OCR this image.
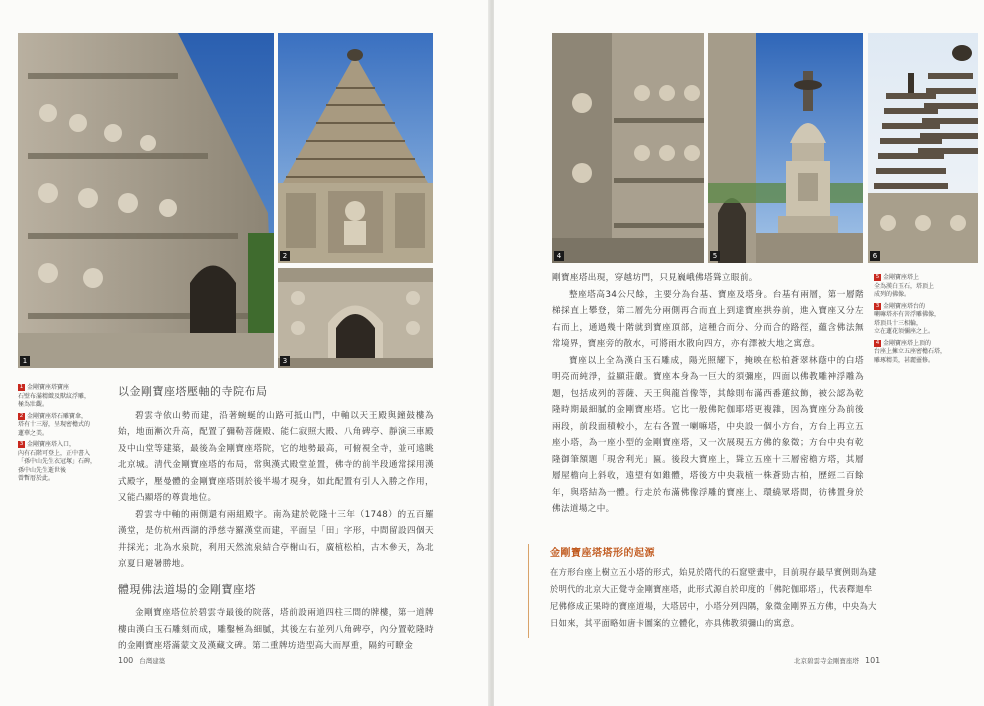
1
2
3
1 金剛寶座塔寶座
石壁布滿精緻及獸紋浮雕，
極為壯觀。
2 金剛寶座塔石雕寶傘，
塔有十三層，呈現密檐式的
蓮華之美。
3 金剛寶座塔入口，
內有石階可登上，正中書入
「孫中山先生衣冠塚」石碑，
孫中山先生逝世後
曾暫厝於此。
以金剛寶座塔壓軸的寺院布局

碧雲寺依山勢而建，沿著蜿蜒的山路可抵山門，中軸以天王殿與鐘鼓樓為始，地面漸次升高，配置了彌勒菩薩殿、能仁寂照大殿、八角碑亭、靜演三車殿及中山堂等建築，最後為金剛寶座塔院，它的地勢最高，可俯視全寺，並可遠眺北京城。清代金剛寶座塔的布局，常與漢式殿堂並置，佛寺的前半段通常採用漢式殿字，壓曼體的金剛寶座塔則於後半場才現身，如此配置有引人入勝之作用，又能凸顯塔的尊貴地位。

碧雲寺中軸的兩側還有兩組殿字。南為建於乾隆十三年（1748）的五百羅漢堂，是仿杭州西湖的淨慈寺羅漢堂而建，平面呈「田」字形，中間留設四個天井採光；北為水泉院，利用天然流泉結合亭榭山石，廣植松柏，古木參天，為北京夏日避暑勝地。

體現佛法道場的金剛寶座塔

金剛寶座塔位於碧雲寺最後的院落，塔前設兩道四柱三間的牌樓，第一道牌樓由漢白玉石雕刻而成，雕鑿極為細膩，其後左右並列八角碑亭，內分置乾隆時的金剛寶座塔滿蒙文及漢藏文碑。第二重牌坊造型高大而厚重，隔約可瞭金

100 台灣建築
4	5	6
5 金剛寶座塔上
全為漢白玉石，塔頂上
成列的佛像。
3 金剛寶座塔台的
喇嘛塔亦有菩浮雕佛像，
塔頂具十三相輪，
立在蓮花須彌座之上。
4 金剛寶座塔上頂的
台座上擁立五座密檐石塔，
雕琢精美，甚麗靈修。

剛寶座塔出現，穿越坊門，只見巍峨佛塔聳立眼前。

整座塔高34公尺餘，主要分為台基、寶座及塔身。台基有兩層，第一層階梯採直上攀登，第二層先分兩側再合而直上到達寶座拱券前，進入寶座又分左右而上，通過幾十階就到寶座頂部，這種合而分、分而合的路徑，蘊含佛法無常境界，寶座旁的散水，可將雨水散向四方，亦有澤被大地之寓意。

寶座以上全為漢白玉石雕成，陽光照耀下，掩映在松柏蒼翠林蔭中的白塔明亮而純淨，益顯莊嚴。寶座本身為一巨大的須彌座，四面以佛教雕神浮雕為題，包括成列的菩薩、天王與龍首像等，其餘則布滿西番蓮紋飾，被公認為乾隆時期最細膩的金剛寶座塔。它比一般佛陀伽耶塔更複雜，因為寶座分為前後兩段，前段面積較小，左右各置一喇嘛塔，中央設一個小方台，方台上再立五座小塔，為一座小型的金剛寶座塔，又一次展現五方佛的象徵；方台中央有乾隆御筆額題「現舍利光」匾。後段大寶座上，聳立五座十三層密檐方塔，其層層屋檐向上斜收，遠望有如錐體，塔後方中央栽植一株蒼勁古柏，歷經二百餘年，與塔結為一體。行走於布滿佛像浮雕的寶座上、環繞眾塔間，彷彿置身於佛法道場之中。

金剛寶座塔塔形的起源
在方形台座上樹立五小塔的形式，始見於隋代的石窟壁畫中，目前現存最早實例則為建於明代的北京大正覺寺金剛寶座塔，此形式源自於印度的「佛陀伽耶塔」，代表釋迦牟尼佛修成正果時的寶座道場，大塔居中，小塔分列四隅，象徵金剛界五方佛，中央為大日如來，其平面略如唐卡圖案的立體化，亦具佛教須彌山的寓意。
北京碧雲寺金剛寶座塔 101
